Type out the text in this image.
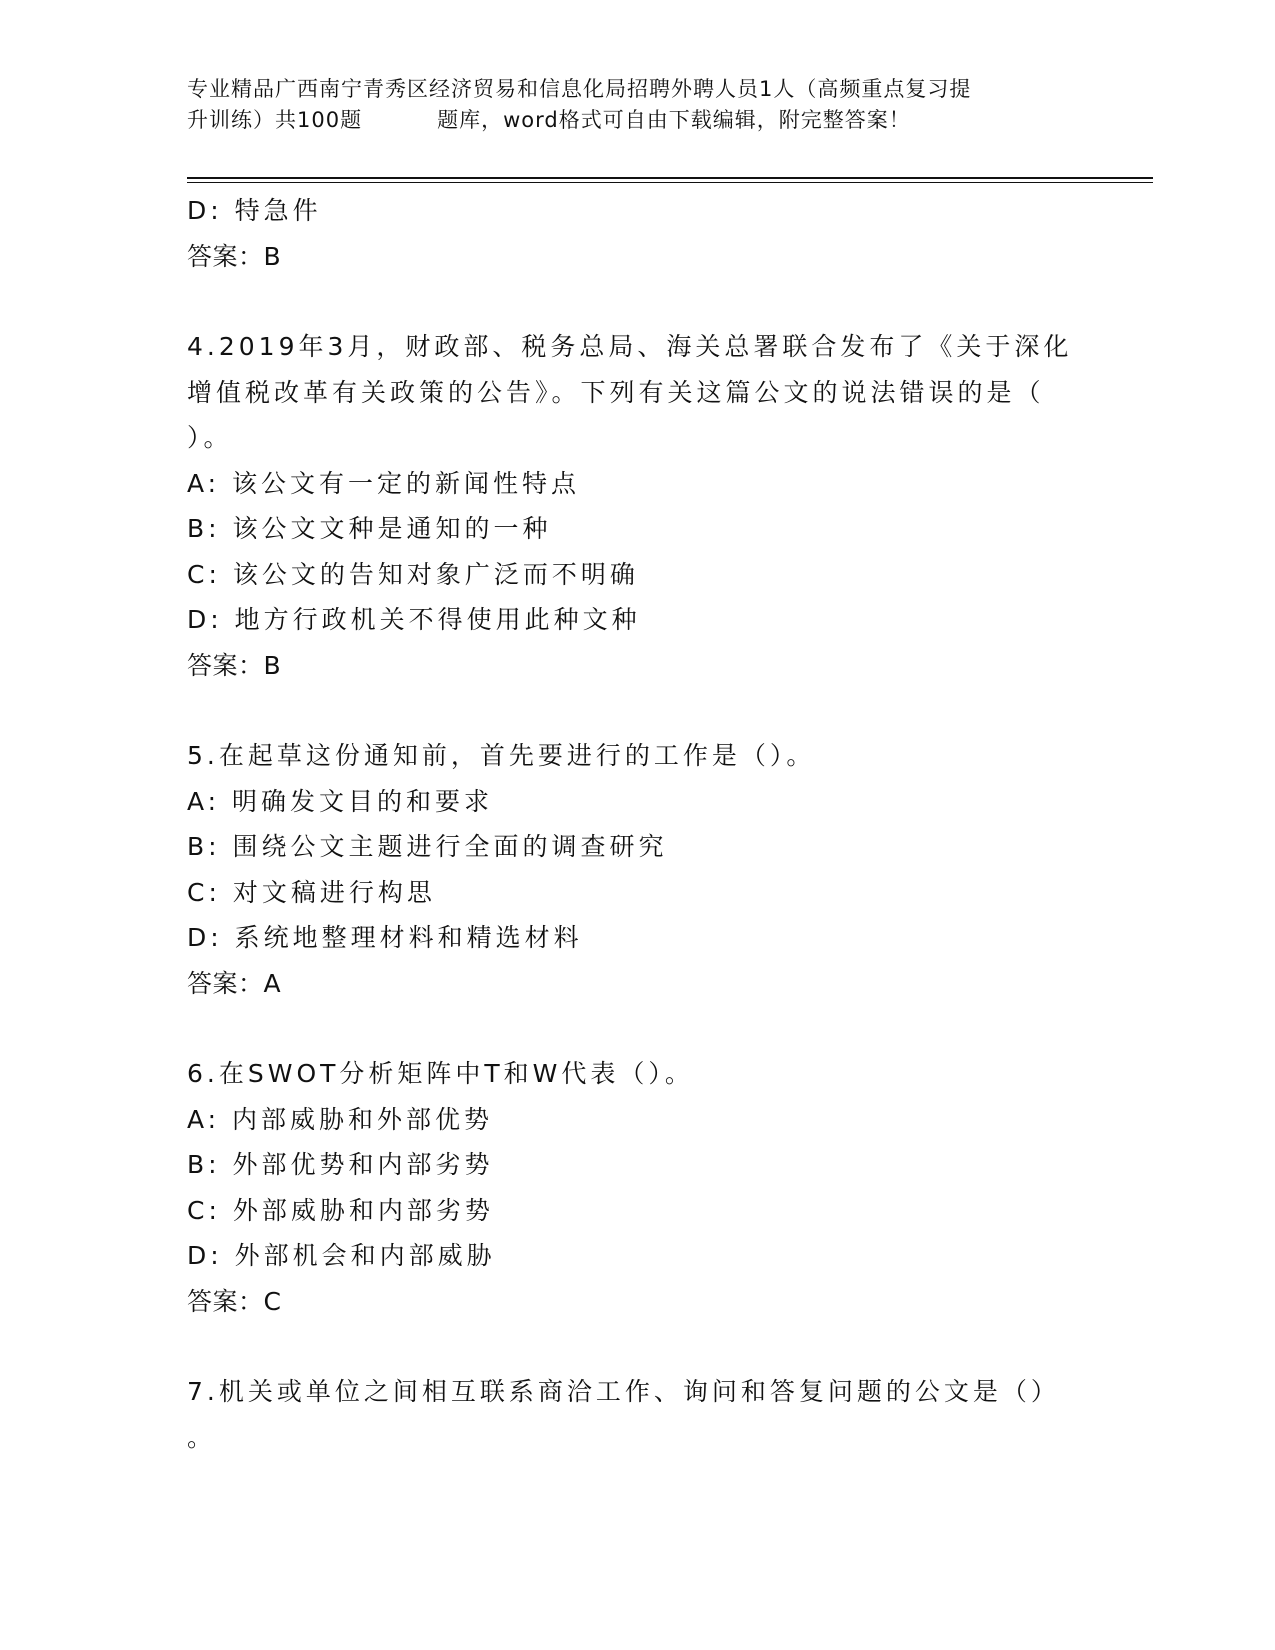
专业精品广西南宁青秀区经济贸易和信息化局招聘外聘人员1人（高频重点复习提
升训练）共100题	题库，word格式可自由下载编辑，附完整答案！
D: 特急件
答案：B
4.2019年3月，财政部、税务总局、海关总署联合发布了《关于深化
增值税改革有关政策的公告》。下列有关这篇公文的说法错误的是（
）。
A: 该公文有一定的新闻性特点
B: 该公文文种是通知的一种
C: 该公文的告知对象广泛而不明确
D: 地方行政机关不得使用此种文种
答案：B
5.在起草这份通知前，首先要进行的工作是（）。
A: 明确发文目的和要求
B: 围绕公文主题进行全面的调查研究
C: 对文稿进行构思
D: 系统地整理材料和精选材料
答案：A
6.在SWOT分析矩阵中T和W代表（）。
A: 内部威胁和外部优势
B: 外部优势和内部劣势
C: 外部威胁和内部劣势
D: 外部机会和内部威胁
答案：C
7.机关或单位之间相互联系商洽工作、询问和答复问题的公文是（）
。
